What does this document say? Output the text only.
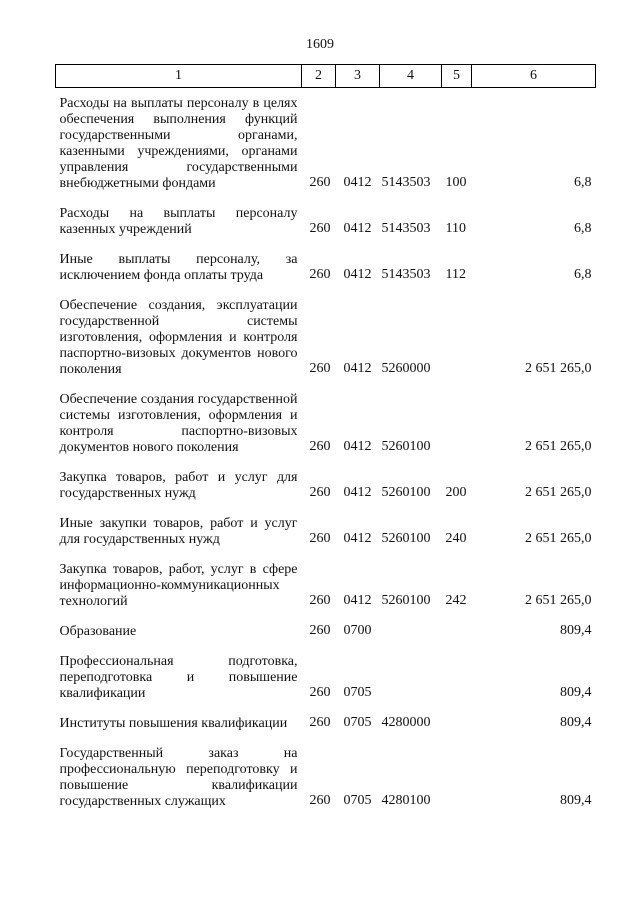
1609
1	2	3	4	5	6
Расходы на выплаты персоналу в целях обеспечения выполнения функций государственными органами, казенными учреждениями, органами управления государственными внебюджетными фондами	260	0412	5143503	100	6,8
Расходы на выплаты персоналу казенных учреждений	260	0412	5143503	110	6,8
Иные выплаты персоналу, за исключением фонда оплаты труда	260	0412	5143503	112	6,8
Обеспечение создания, эксплуатации государственной системы изготовления, оформления и контроля паспортно-визовых документов нового поколения	260	0412	5260000		2 651 265,0
Обеспечение создания государственной системы изготовления, оформления и контроля паспортно-визовых документов нового поколения	260	0412	5260100		2 651 265,0
Закупка товаров, работ и услуг для государственных нужд	260	0412	5260100	200	2 651 265,0
Иные закупки товаров, работ и услуг для государственных нужд	260	0412	5260100	240	2 651 265,0
Закупка товаров, работ, услуг в сфере информационно-коммуникационных технологий	260	0412	5260100	242	2 651 265,0
Образование	260	0700			809,4
Профессиональная подготовка, переподготовка и повышение квалификации	260	0705			809,4
Институты повышения квалификации	260	0705	4280000		809,4
Государственный заказ на профессиональную переподготовку и повышение квалификации государственных служащих	260	0705	4280100		809,4
